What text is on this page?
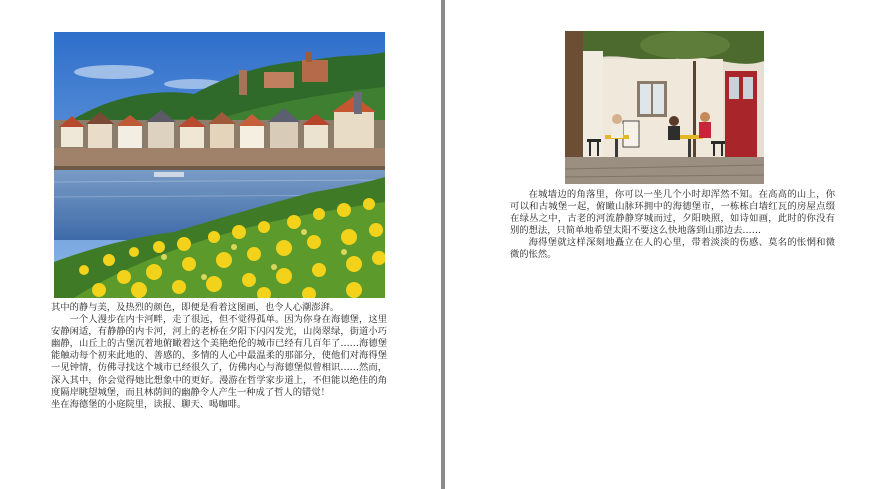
其中的静与美，及热烈的颜色，即便是看着这图画，也令人心潮澎湃。

一个人漫步在内卡河畔，走了很远，但不觉得孤单。因为你身在海德堡，这里安静闲适，有静静的内卡河，河上的老桥在夕阳下闪闪发光，山岗翠绿，街道小巧幽静，山丘上的古堡沉着地俯瞰着这个美艳绝伦的城市已经有几百年了……海德堡能触动每个初来此地的、善感的、多情的人心中最温柔的那部分，使他们对海得堡一见钟情，仿佛寻找这个城市已经很久了，仿佛内心与海德堡似曾相识……然而，深入其中，你会觉得她比想象中的更好。漫游在哲学家步道上，不但能以绝佳的角度隔岸眺望城堡，而且林荫间的幽静令人产生一种成了哲人的错觉！

坐在海德堡的小庭院里，读报、聊天、喝咖啡。

在城墙边的角落里，你可以一坐几个小时却浑然不知。在高高的山上，你可以和古城堡一起，俯瞰山脉环拥中的海德堡市，一栋栋白墙红瓦的房屋点缀在绿丛之中，古老的河流静静穿城而过，夕阳映照，如诗如画，此时的你没有别的想法，只简单地希望太阳不要这么快地落到山那边去……

海得堡就这样深刻地矗立在人的心里，带着淡淡的伤感、莫名的怅惘和微微的怅然。
